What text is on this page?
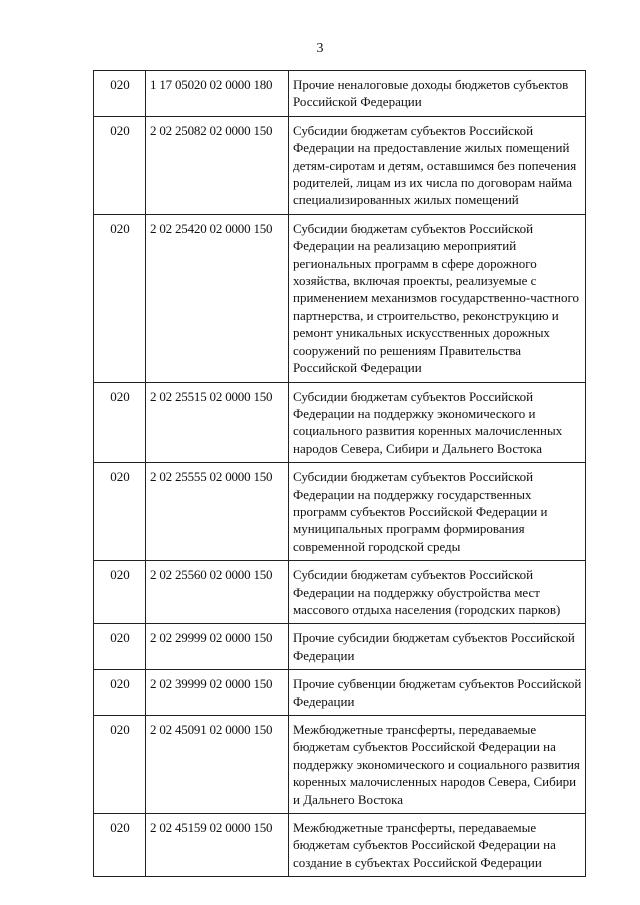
3
020	1 17 05020 02 0000 180	Прочие неналоговые доходы бюджетов субъектов Российской Федерации
020	2 02 25082 02 0000 150	Субсидии бюджетам субъектов Российской Федерации на предоставление жилых помещений детям-сиротам и детям, оставшимся без попечения родителей, лицам из их числа по договорам найма специализированных жилых помещений
020	2 02 25420 02 0000 150	Субсидии бюджетам субъектов Российской Федерации на реализацию мероприятий региональных программ в сфере дорожного хозяйства, включая проекты, реализуемые с применением механизмов государственно-частного партнерства, и строительство, реконструкцию и ремонт уникальных искусственных дорожных сооружений по решениям Правительства Российской Федерации
020	2 02 25515 02 0000 150	Субсидии бюджетам субъектов Российской Федерации на поддержку экономического и социального развития коренных малочисленных народов Севера, Сибири и Дальнего Востока
020	2 02 25555 02 0000 150	Субсидии бюджетам субъектов Российской Федерации на поддержку государственных программ субъектов Российской Федерации и муниципальных программ формирования современной городской среды
020	2 02 25560 02 0000 150	Субсидии бюджетам субъектов Российской Федерации на поддержку обустройства мест массового отдыха населения (городских парков)
020	2 02 29999 02 0000 150	Прочие субсидии бюджетам субъектов Российской Федерации
020	2 02 39999 02 0000 150	Прочие субвенции бюджетам субъектов Российской Федерации
020	2 02 45091 02 0000 150	Межбюджетные трансферты, передаваемые бюджетам субъектов Российской Федерации на поддержку экономического и социального развития коренных малочисленных народов Севера, Сибири и Дальнего Востока
020	2 02 45159 02 0000 150	Межбюджетные трансферты, передаваемые бюджетам субъектов Российской Федерации на создание в субъектах Российской Федерации
